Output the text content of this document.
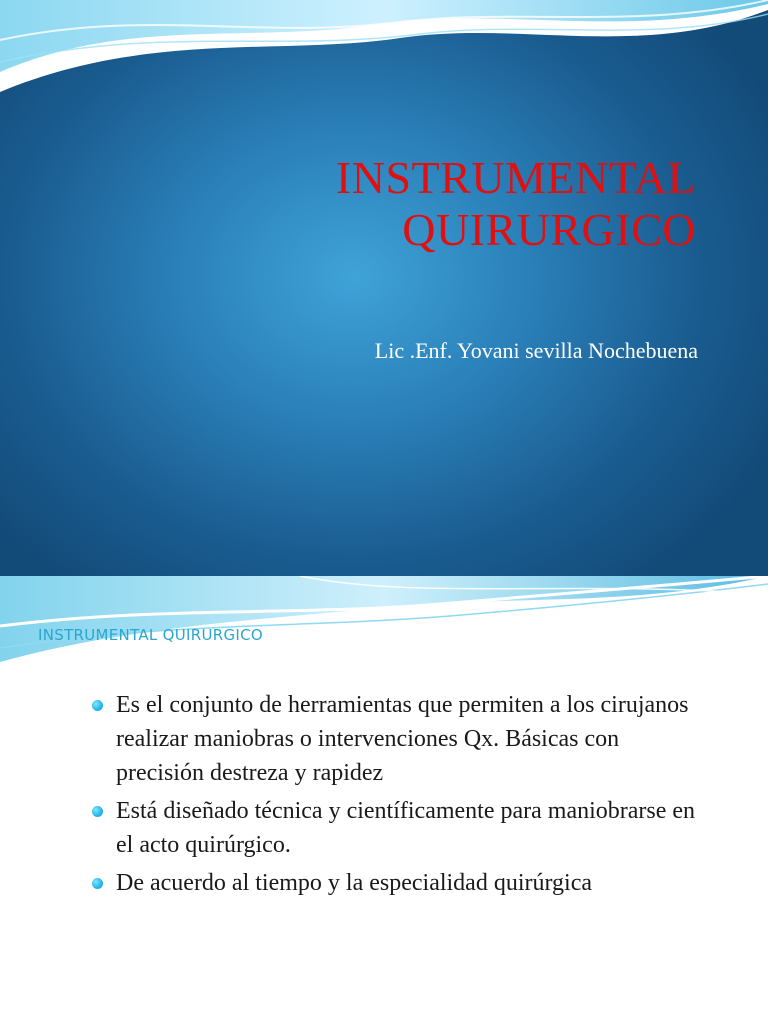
INSTRUMENTAL
QUIRURGICO
Lic .Enf. Yovani sevilla Nochebuena
INSTRUMENTAL QUIRURGICO
Es el conjunto de herramientas que permiten a los cirujanos realizar maniobras o intervenciones Qx. Básicas con precisión destreza y rapidez
Está diseñado técnica y científicamente para maniobrarse en el acto quirúrgico.
De acuerdo al tiempo y la especialidad quirúrgica
